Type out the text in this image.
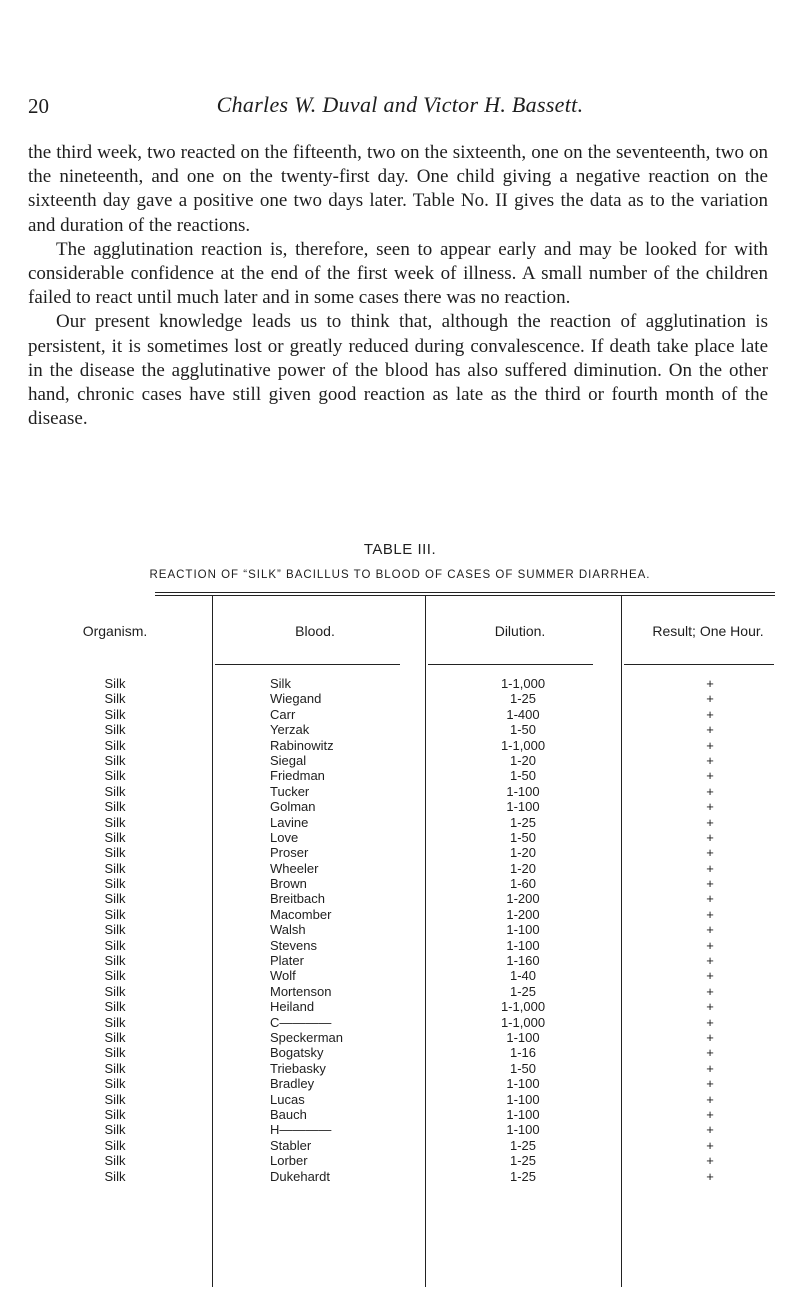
20	Charles W. Duval and Victor H. Bassett.

the third week, two reacted on the fifteenth, two on the sixteenth, one on the seventeenth, two on the nineteenth, and one on the twenty-first day. One child giving a negative reaction on the sixteenth day gave a positive one two days later. Table No. II gives the data as to the variation and duration of the reactions.

The agglutination reaction is, therefore, seen to appear early and may be looked for with considerable confidence at the end of the first week of illness. A small number of the children failed to react until much later and in some cases there was no reaction.

Our present knowledge leads us to think that, although the reaction of agglutination is persistent, it is sometimes lost or greatly reduced during convalescence. If death take place late in the disease the agglutinative power of the blood has also suffered diminution. On the other hand, chronic cases have still given good reaction as late as the third or fourth month of the disease.

TABLE III.
REACTION OF “SILK” BACILLUS TO BLOOD OF CASES OF SUMMER DIARRHEA.
Organism.	Blood.	Dilution.	Result; One Hour.
Silk	Silk	1-1,000	+
Silk	Wiegand	1-25	+
Silk	Carr	1-400	+
Silk	Yerzak	1-50	+
Silk	Rabinowitz	1-1,000	+
Silk	Siegal	1-20	+
Silk	Friedman	1-50	+
Silk	Tucker	1-100	+
Silk	Golman	1-100	+
Silk	Lavine	1-25	+
Silk	Love	1-50	+
Silk	Proser	1-20	+
Silk	Wheeler	1-20	+
Silk	Brown	1-60	+
Silk	Breitbach	1-200	+
Silk	Macomber	1-200	+
Silk	Walsh	1-100	+
Silk	Stevens	1-100	+
Silk	Plater	1-160	+
Silk	Wolf	1-40	+
Silk	Mortenson	1-25	+
Silk	Heiland	1-1,000	+
Silk	C————	1-1,000	+
Silk	Speckerman	1-100	+
Silk	Bogatsky	1-16	+
Silk	Triebasky	1-50	+
Silk	Bradley	1-100	+
Silk	Lucas	1-100	+
Silk	Bauch	1-100	+
Silk	H————	1-100	+
Silk	Stabler	1-25	+
Silk	Lorber	1-25	+
Silk	Dukehardt	1-25	+
